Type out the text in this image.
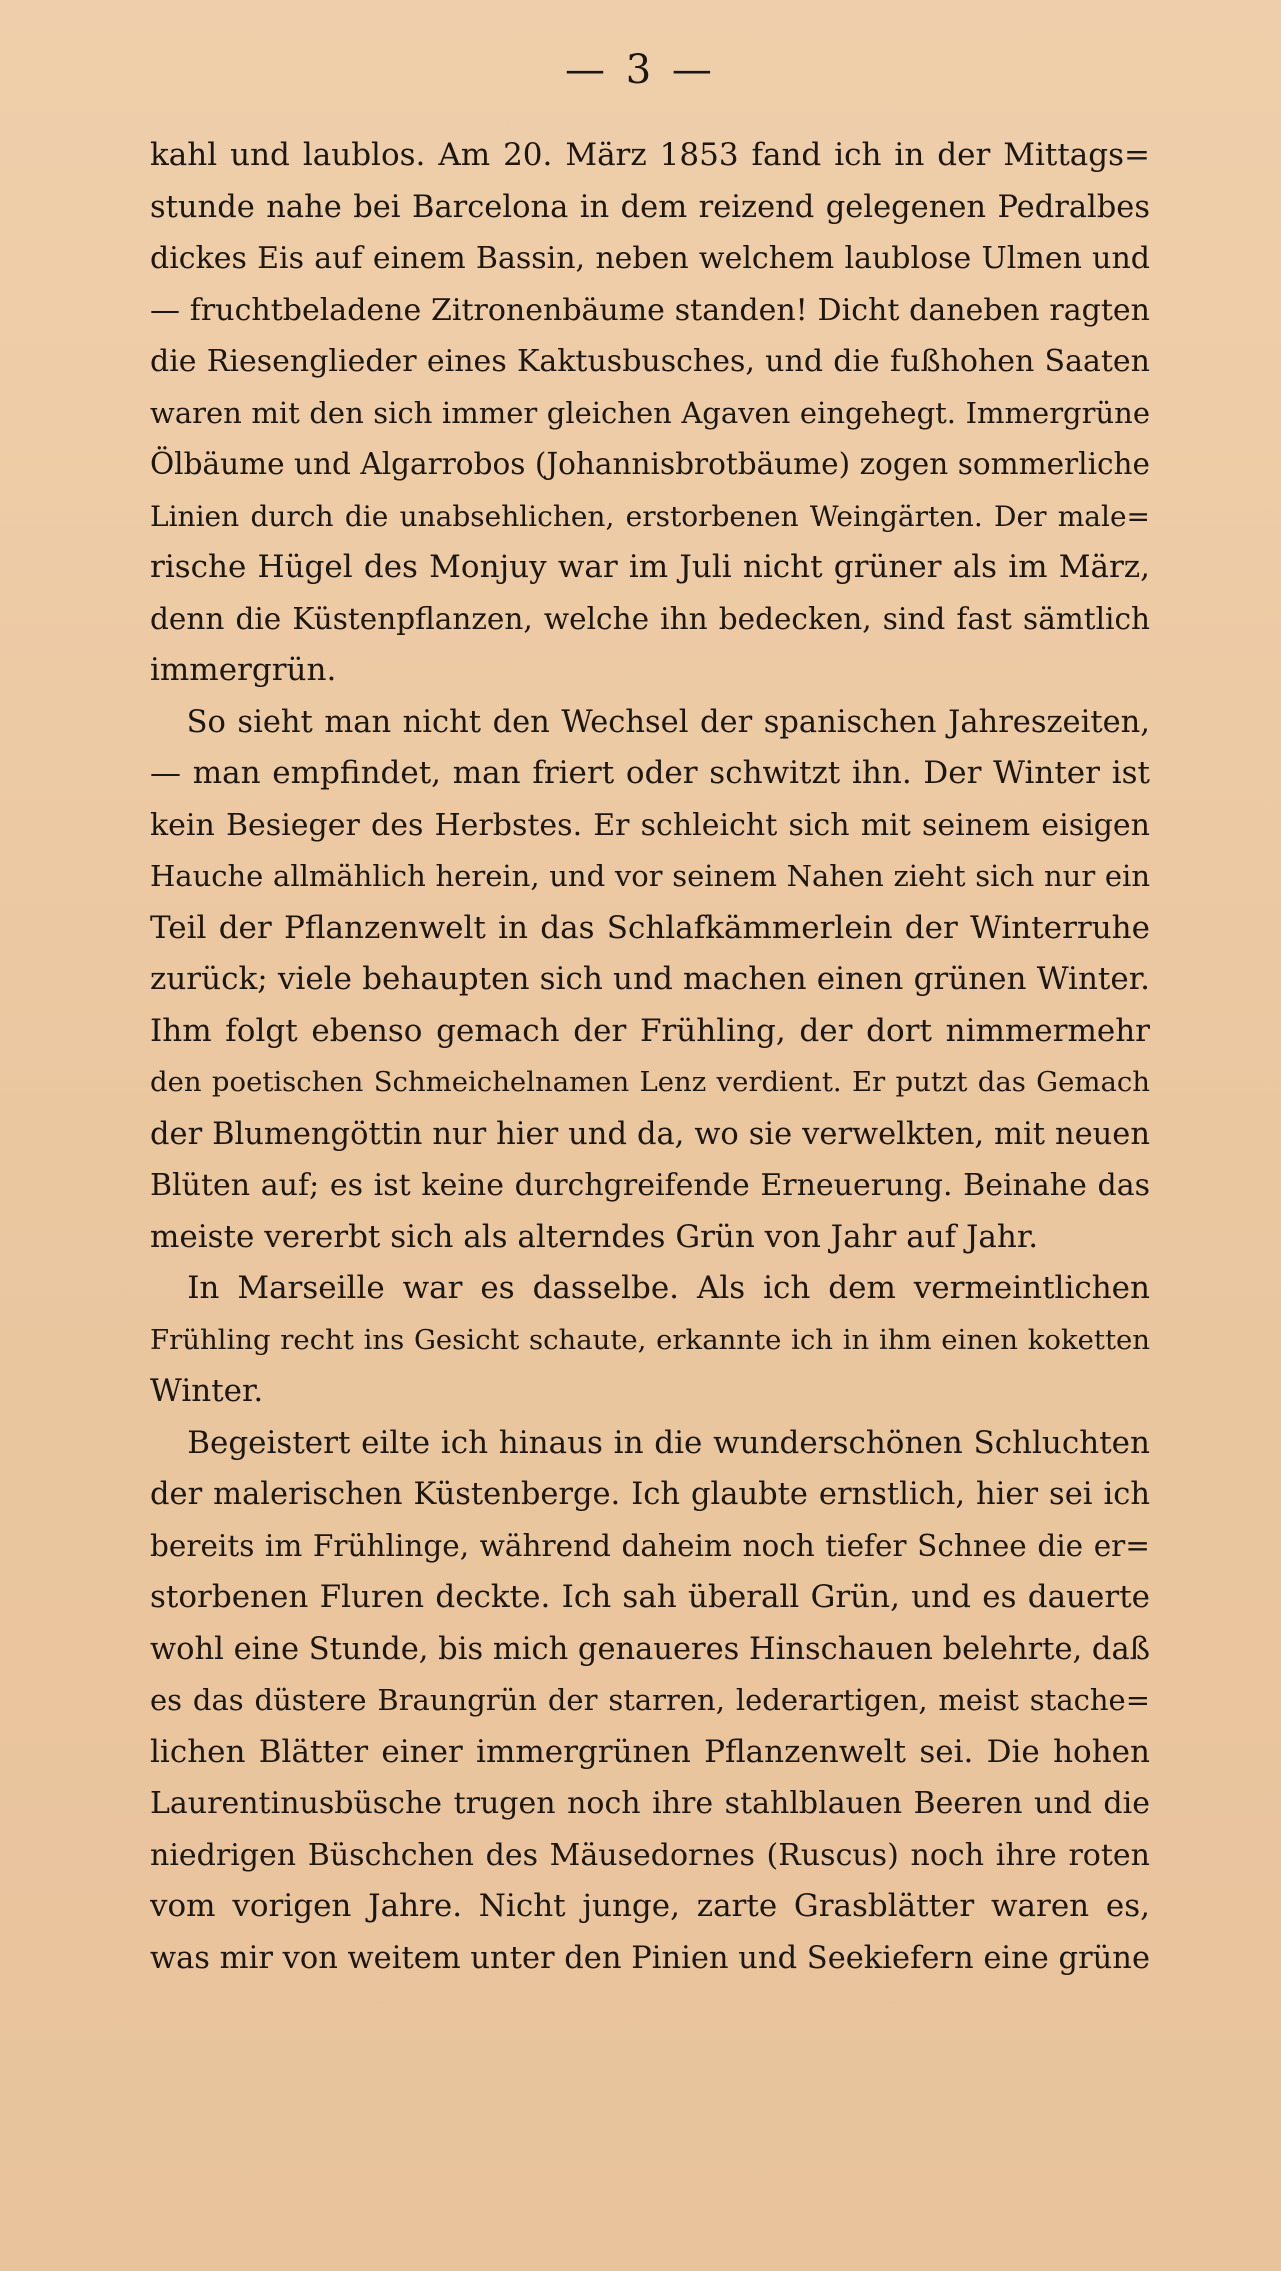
— 3 —
kahl und laublos. Am 20. März 1853 fand ich in der Mittags=
stunde nahe bei Barcelona in dem reizend gelegenen Pedralbes
dickes Eis auf einem Bassin, neben welchem laublose Ulmen und
— fruchtbeladene Zitronenbäume standen! Dicht daneben ragten
die Riesenglieder eines Kaktusbusches, und die fußhohen Saaten
waren mit den sich immer gleichen Agaven eingehegt. Immergrüne
Ölbäume und Algarrobos (Johannisbrotbäume) zogen sommerliche
Linien durch die unabsehlichen, erstorbenen Weingärten. Der male=
rische Hügel des Monjuy war im Juli nicht grüner als im März,
denn die Küstenpflanzen, welche ihn bedecken, sind fast sämtlich
immergrün.
So sieht man nicht den Wechsel der spanischen Jahreszeiten,
— man empfindet, man friert oder schwitzt ihn. Der Winter ist
kein Besieger des Herbstes. Er schleicht sich mit seinem eisigen
Hauche allmählich herein, und vor seinem Nahen zieht sich nur ein
Teil der Pflanzenwelt in das Schlafkämmerlein der Winterruhe
zurück; viele behaupten sich und machen einen grünen Winter.
Ihm folgt ebenso gemach der Frühling, der dort nimmermehr
den poetischen Schmeichelnamen Lenz verdient. Er putzt das Gemach
der Blumengöttin nur hier und da, wo sie verwelkten, mit neuen
Blüten auf; es ist keine durchgreifende Erneuerung. Beinahe das
meiste vererbt sich als alterndes Grün von Jahr auf Jahr.
In Marseille war es dasselbe. Als ich dem vermeintlichen
Frühling recht ins Gesicht schaute, erkannte ich in ihm einen koketten
Winter.
Begeistert eilte ich hinaus in die wunderschönen Schluchten
der malerischen Küstenberge. Ich glaubte ernstlich, hier sei ich
bereits im Frühlinge, während daheim noch tiefer Schnee die er=
storbenen Fluren deckte. Ich sah überall Grün, und es dauerte
wohl eine Stunde, bis mich genaueres Hinschauen belehrte, daß
es das düstere Braungrün der starren, lederartigen, meist stache=
lichen Blätter einer immergrünen Pflanzenwelt sei. Die hohen
Laurentinusbüsche trugen noch ihre stahlblauen Beeren und die
niedrigen Büschchen des Mäusedornes (Ruscus) noch ihre roten
vom vorigen Jahre. Nicht junge, zarte Grasblätter waren es,
was mir von weitem unter den Pinien und Seekiefern eine grüne
